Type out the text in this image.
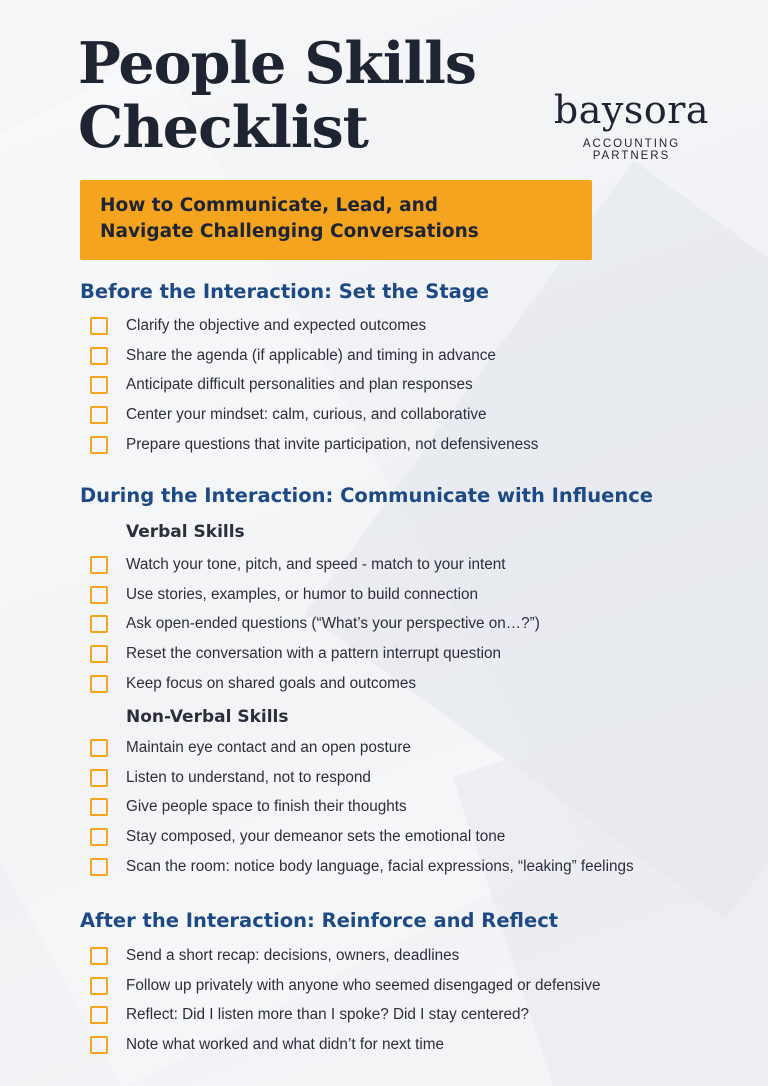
People Skills
Checklist	baysora
ACCOUNTING PARTNERS
How to Communicate, Lead, and
Navigate Challenging Conversations
Before the Interaction: Set the Stage
Clarify the objective and expected outcomes
Share the agenda (if applicable) and timing in advance
Anticipate difficult personalities and plan responses
Center your mindset: calm, curious, and collaborative
Prepare questions that invite participation, not defensiveness
During the Interaction: Communicate with Influence
Verbal Skills
Watch your tone, pitch, and speed - match to your intent
Use stories, examples, or humor to build connection
Ask open-ended questions (“What’s your perspective on…?”)
Reset the conversation with a pattern interrupt question
Keep focus on shared goals and outcomes
Non-Verbal Skills
Maintain eye contact and an open posture
Listen to understand, not to respond
Give people space to finish their thoughts
Stay composed, your demeanor sets the emotional tone
Scan the room: notice body language, facial expressions, “leaking” feelings
After the Interaction: Reinforce and Reflect
Send a short recap: decisions, owners, deadlines
Follow up privately with anyone who seemed disengaged or defensive
Reflect: Did I listen more than I spoke? Did I stay centered?
Note what worked and what didn’t for next time
